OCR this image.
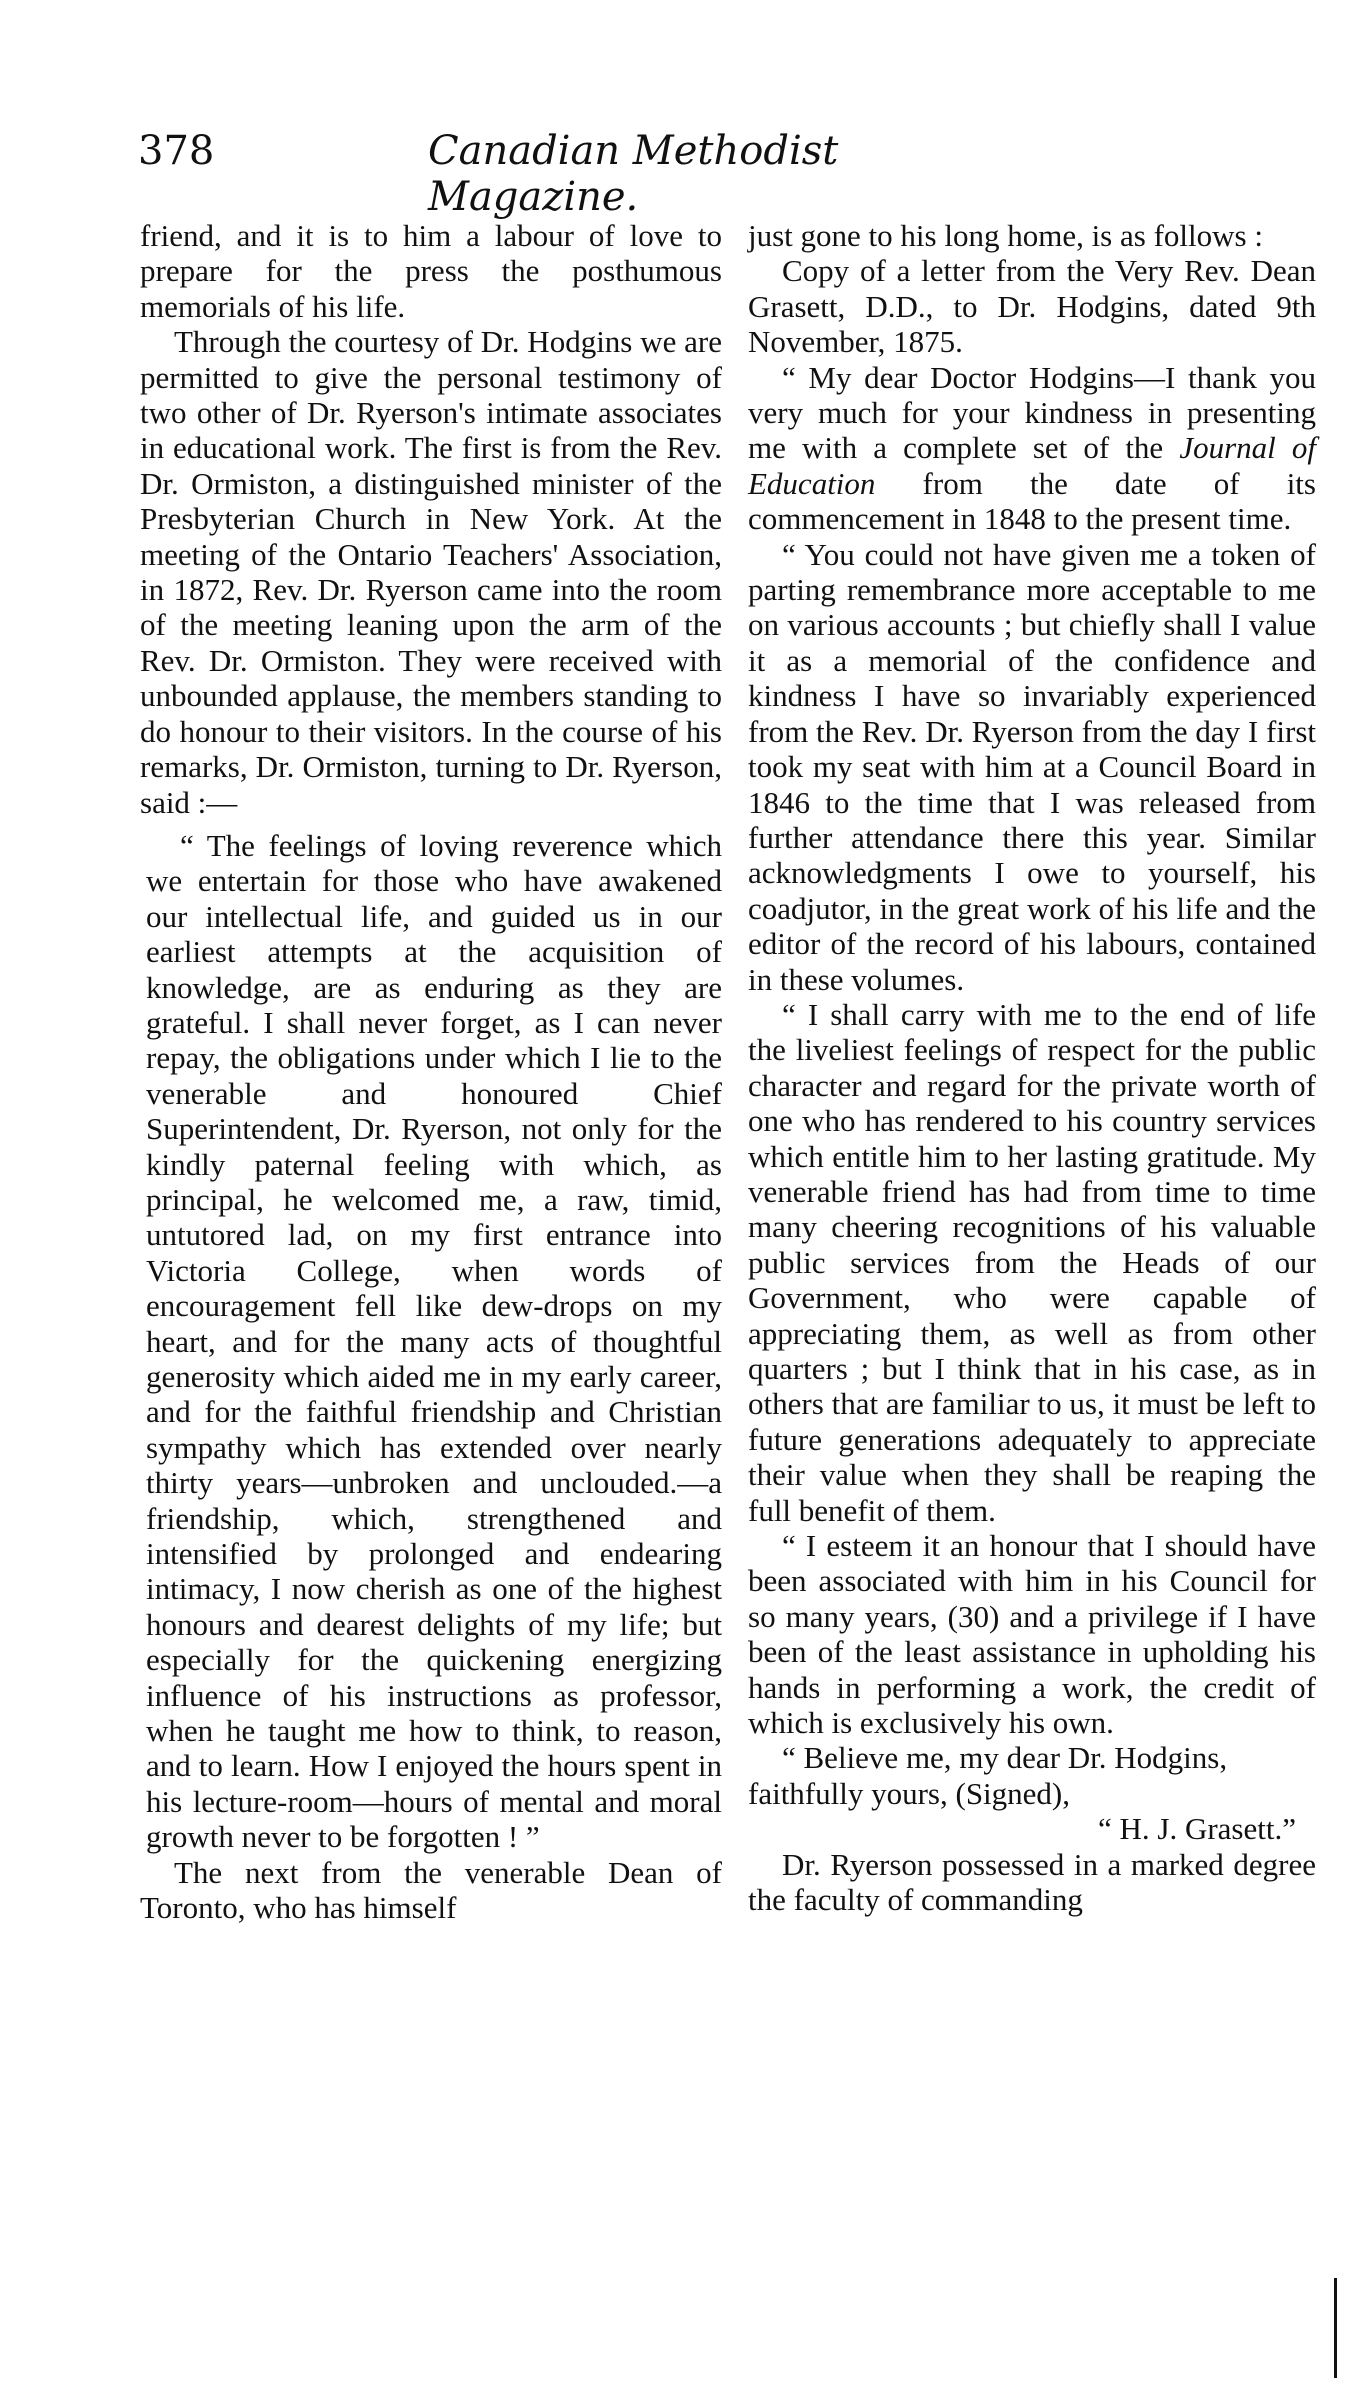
378	Canadian Methodist Magazine.

friend, and it is to him a labour of love to prepare for the press the posthumous memorials of his life.

Through the courtesy of Dr. Hodgins we are permitted to give the personal testimony of two other of Dr. Ryerson's intimate associates in educational work. The first is from the Rev. Dr. Ormiston, a distinguished minister of the Presbyterian Church in New York. At the meeting of the Ontario Teachers' Association, in 1872, Rev. Dr. Ryerson came into the room of the meeting leaning upon the arm of the Rev. Dr. Ormiston. They were received with unbounded applause, the members standing to do honour to their visitors. In the course of his remarks, Dr. Ormiston, turning to Dr. Ryerson, said :—

“ The feelings of loving reverence which we entertain for those who have awakened our intellectual life, and guided us in our earliest attempts at the acquisition of knowledge, are as enduring as they are grateful. I shall never forget, as I can never repay, the obligations under which I lie to the venerable and honoured Chief Superintendent, Dr. Ryerson, not only for the kindly paternal feeling with which, as principal, he welcomed me, a raw, timid, untutored lad, on my first entrance into Victoria College, when words of encouragement fell like dew-drops on my heart, and for the many acts of thoughtful generosity which aided me in my early career, and for the faithful friendship and Christian sympathy which has extended over nearly thirty years—unbroken and unclouded.—a friendship, which, strengthened and intensified by prolonged and endearing intimacy, I now cherish as one of the highest honours and dearest delights of my life; but especially for the quickening energizing influence of his instructions as professor, when he taught me how to think, to reason, and to learn. How I enjoyed the hours spent in his lecture-room—hours of mental and moral growth never to be forgotten ! ”

The next from the venerable Dean of Toronto, who has himself

just gone to his long home, is as follows :

Copy of a letter from the Very Rev. Dean Grasett, D.D., to Dr. Hodgins, dated 9th November, 1875.

“ My dear Doctor Hodgins—I thank you very much for your kindness in presenting me with a complete set of the Journal of Education from the date of its commencement in 1848 to the present time.

“ You could not have given me a token of parting remembrance more acceptable to me on various accounts ; but chiefly shall I value it as a memorial of the confidence and kindness I have so invariably experienced from the Rev. Dr. Ryerson from the day I first took my seat with him at a Council Board in 1846 to the time that I was released from further attendance there this year. Similar acknowledgments I owe to yourself, his coadjutor, in the great work of his life and the editor of the record of his labours, contained in these volumes.

“ I shall carry with me to the end of life the liveliest feelings of respect for the public character and regard for the private worth of one who has rendered to his country services which entitle him to her lasting gratitude. My venerable friend has had from time to time many cheering recognitions of his valuable public services from the Heads of our Government, who were capable of appreciating them, as well as from other quarters ; but I think that in his case, as in others that are familiar to us, it must be left to future generations adequately to appreciate their value when they shall be reaping the full benefit of them.

“ I esteem it an honour that I should have been associated with him in his Council for so many years, (30) and a privilege if I have been of the least assistance in upholding his hands in performing a work, the credit of which is exclusively his own.

“ Believe me, my dear Dr. Hodgins, faithfully yours, (Signed),

“ H. J. Grasett.”

Dr. Ryerson possessed in a marked degree the faculty of commanding
